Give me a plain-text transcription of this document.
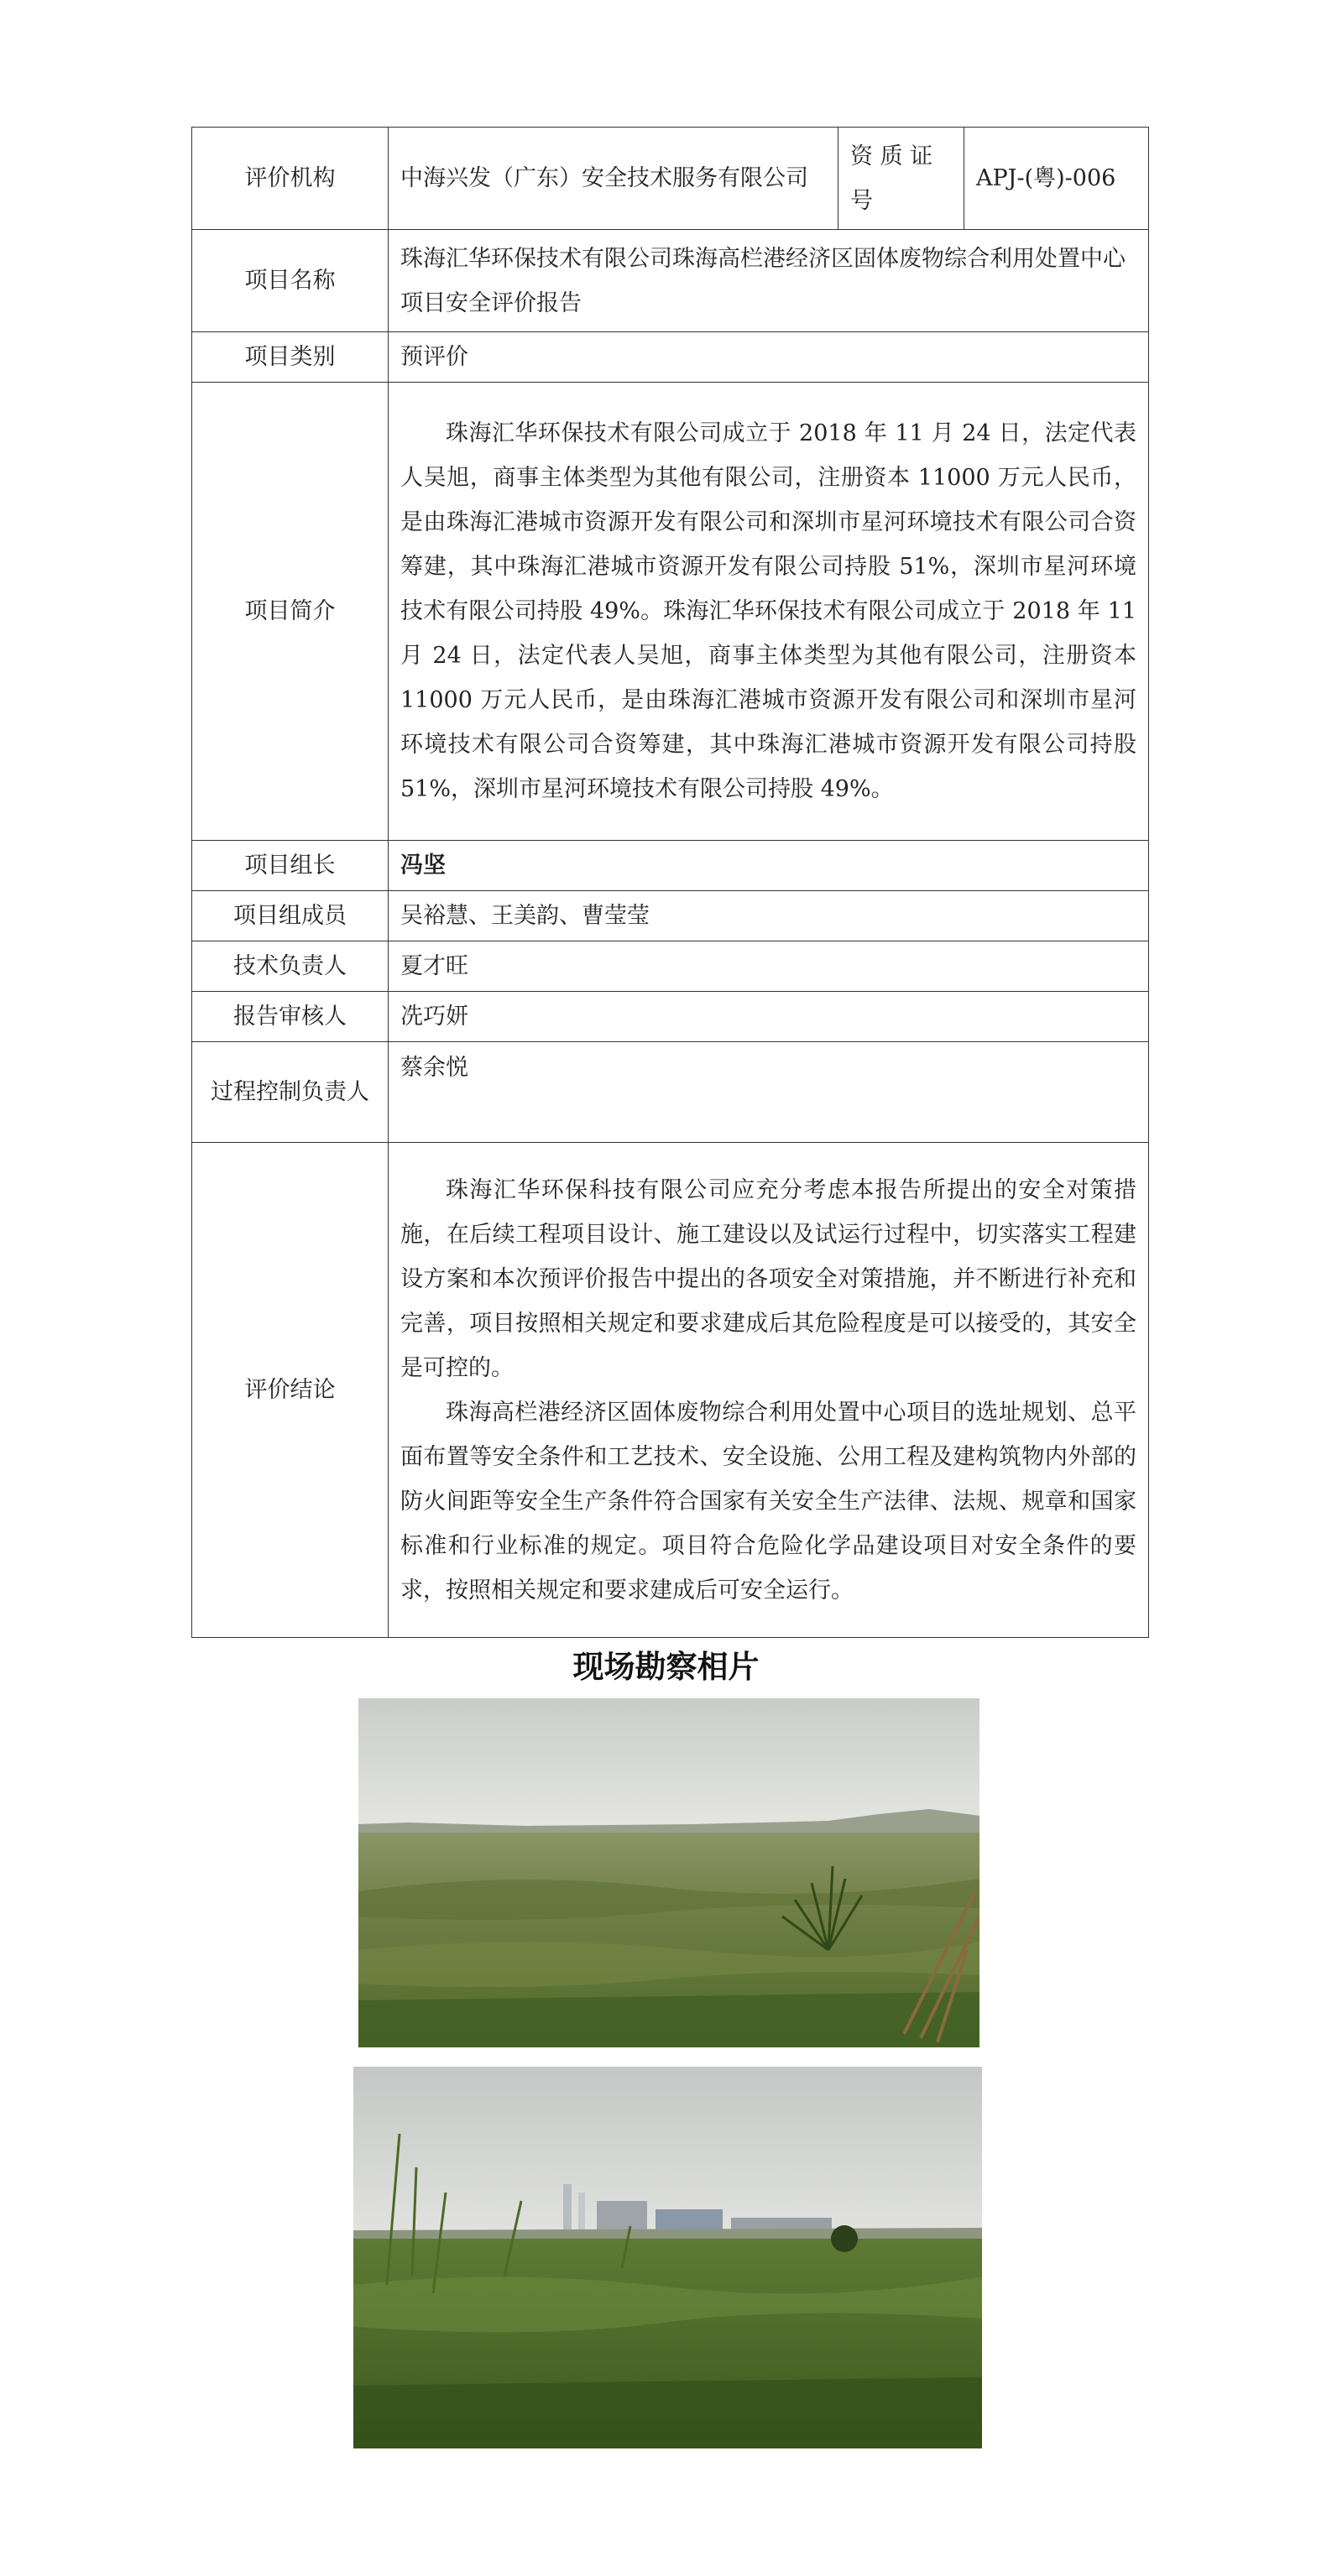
评价机构	中海兴发（广东）安全技术服务有限公司	资 质 证 号	APJ-(粤)-006
项目名称	珠海汇华环保技术有限公司珠海高栏港经济区固体废物综合利用处置中心项目安全评价报告		
项目类别	预评价		
项目简介	珠海汇华环保技术有限公司成立于 2018 年 11 月 24 日，法定代表人吴旭，商事主体类型为其他有限公司，注册资本 11000 万元人民币，是由珠海汇港城市资源开发有限公司和深圳市星河环境技术有限公司合资筹建，其中珠海汇港城市资源开发有限公司持股 51%，深圳市星河环境技术有限公司持股 49%。珠海汇华环保技术有限公司成立于 2018 年 11 月 24 日，法定代表人吴旭，商事主体类型为其他有限公司，注册资本 11000 万元人民币，是由珠海汇港城市资源开发有限公司和深圳市星河环境技术有限公司合资筹建，其中珠海汇港城市资源开发有限公司持股 51%，深圳市星河环境技术有限公司持股 49%。		

项目组长	冯坚		
项目组成员	吴裕慧、王美韵、曹莹莹		
技术负责人	夏才旺		
报告审核人	冼巧妍		
过程控制负责人	蔡余悦		
评价结论	珠海汇华环保科技有限公司应充分考虑本报告所提出的安全对策措施，在后续工程项目设计、施工建设以及试运行过程中，切实落实工程建设方案和本次预评价报告中提出的各项安全对策措施，并不断进行补充和完善，项目按照相关规定和要求建成后其危险程度是可以接受的，其安全是可控的。

珠海高栏港经济区固体废物综合利用处置中心项目的选址规划、总平面布置等安全条件和工艺技术、安全设施、公用工程及建构筑物内外部的防火间距等安全生产条件符合国家有关安全生产法律、法规、规章和国家标准和行业标准的规定。项目符合危险化学品建设项目对安全条件的要求，按照相关规定和要求建成后可安全运行。		

现场勘察相片
